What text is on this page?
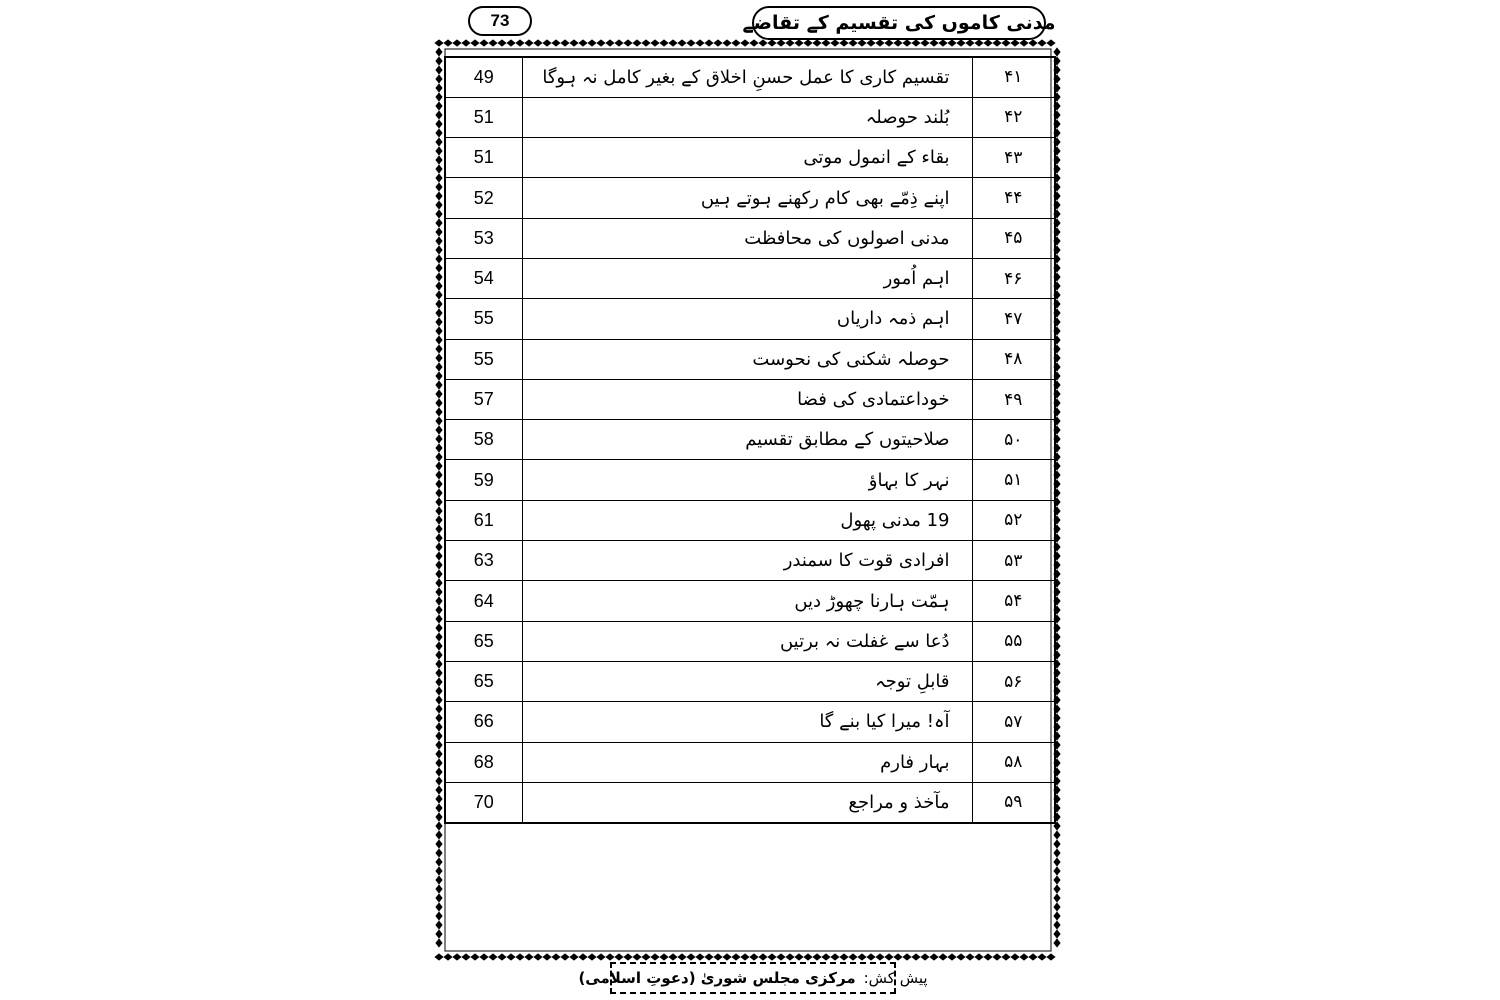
73	مدنی کاموں کی تقسیم کے تقاضے
49	تقسیم کاری کا عمل حسنِ اخلاق کے بغیر کامل نہ ہوگا	۴۱
51	بُلند حوصلہ	۴۲
51	بقاء کے انمول موتی	۴۳
52	اپنے ذِمّے بھی کام رکھنے ہوتے ہیں	۴۴
53	مدنی اصولوں کی محافظت	۴۵
54	اہم اُمور	۴۶
55	اہم ذمہ داریاں	۴۷
55	حوصلہ شکنی کی نحوست	۴۸
57	خوداعتمادی کی فضا	۴۹
58	صلاحیتوں کے مطابق تقسیم	۵۰
59	نہر کا بہاؤ	۵۱
61	19 مدنی پھول	۵۲
63	افرادی قوت کا سمندر	۵۳
64	ہمّت ہارنا چھوڑ دیں	۵۴
65	دُعا سے غفلت نہ برتیں	۵۵
65	قابلِ توجہ	۵۶
66	آہ! میرا کیا بنے گا	۵۷
68	بہار فارم	۵۸
70	مآخذ و مراجع	۵۹
پیش کش:
مرکزی مجلس شوریٰ (دعوتِ اسلامی)
